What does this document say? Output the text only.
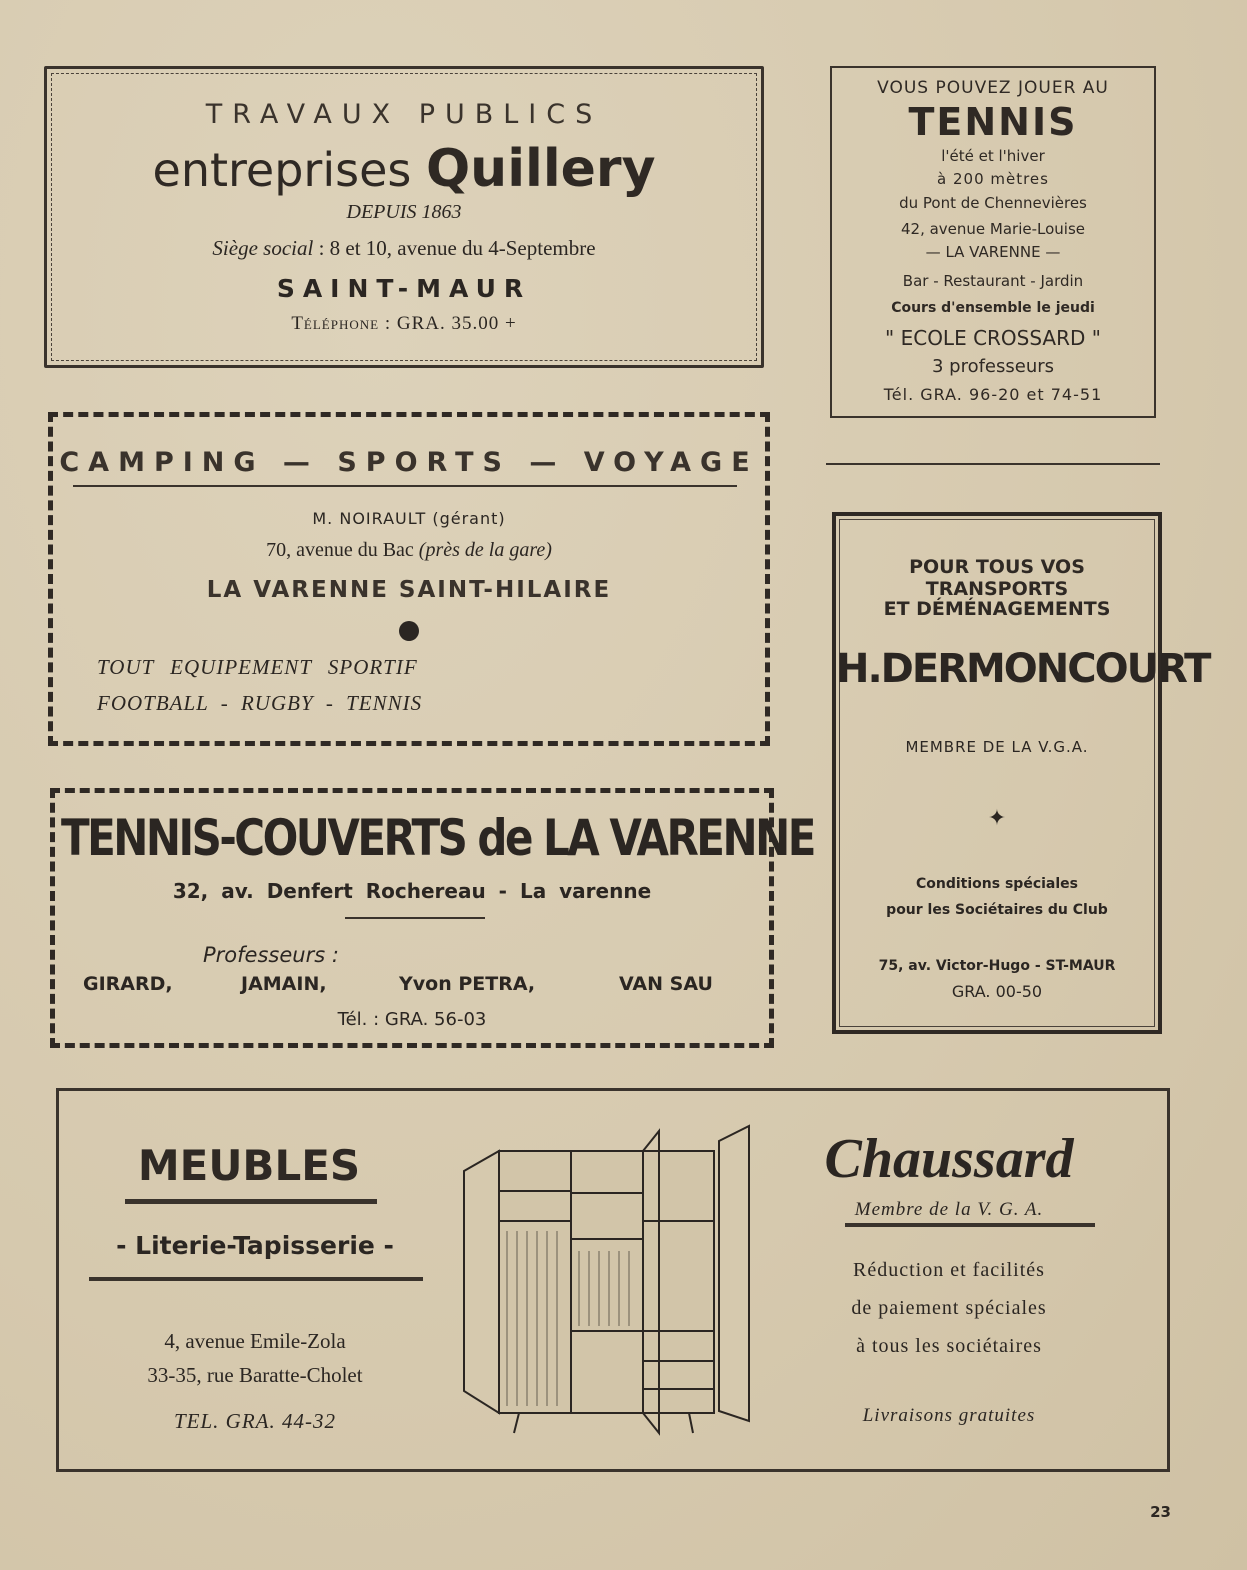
TRAVAUX PUBLICS
entreprises Quillery
DEPUIS 1863
Siège social : 8 et 10, avenue du 4-Septembre
SAINT-MAUR
Téléphone : GRA. 35.00 +
VOUS POUVEZ JOUER AU
TENNIS
l'été et l'hiver
à 200 mètres
du Pont de Chennevières
42, avenue Marie-Louise
— LA VARENNE —
Bar - Restaurant - Jardin
Cours d'ensemble le jeudi
" ECOLE CROSSARD "
3 professeurs
Tél. GRA. 96-20 et 74-51
CAMPING — SPORTS — VOYAGE
M. NOIRAULT (gérant)
70, avenue du Bac (près de la gare)
LA VARENNE SAINT-HILAIRE
TOUT EQUIPEMENT SPORTIF
FOOTBALL - RUGBY - TENNIS
POUR TOUS VOS TRANSPORTS
ET DÉMÉNAGEMENTS
H.DERMONCOURT
MEMBRE DE LA V.G.A.
✦
Conditions spéciales
pour les Sociétaires du Club
75, av. Victor-Hugo - ST-MAUR
GRA. 00-50
TENNIS-COUVERTS de LA VARENNE
32, av. Denfert Rochereau - La varenne
Professeurs :
GIRARD,	JAMAIN,	Yvon PETRA,	VAN SAU
Tél. : GRA. 56-03
MEUBLES
- Literie-Tapisserie -
4, avenue Emile-Zola
33-35, rue Baratte-Cholet
TEL. GRA. 44-32
Chaussard
Membre de la V. G. A.
Réduction et facilités
de paiement spéciales
à tous les sociétaires
Livraisons gratuites
23
